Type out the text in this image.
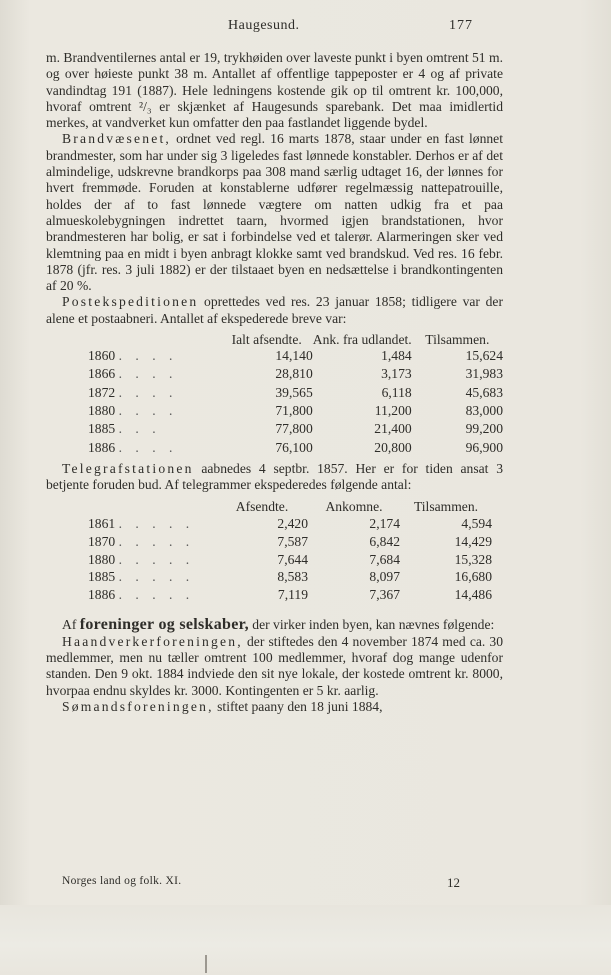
Haugesund.	177

m. Brandventilernes antal er 19, trykhøiden over laveste punkt i byen omtrent 51 m. og over høieste punkt 38 m. Antallet af offentlige tappeposter er 4 og af private vandindtag 191 (1887). Hele ledningens kostende gik op til omtrent kr. 100,000, hvoraf omtrent ²/₃ er skjænket af Haugesunds sparebank. Det maa imidlertid merkes, at vandverket kun omfatter den paa fastlandet liggende bydel.

Brandvæsenet, ordnet ved regl. 16 marts 1878, staar under en fast lønnet brandmester, som har under sig 3 ligeledes fast lønnede konstabler. Derhos er af det almindelige, udskrevne brandkorps paa 308 mand særlig udtaget 16, der lønnes for hvert fremmøde. Foruden at konstablerne udfører regelmæssig nattepatrouille, holdes der af to fast lønnede vægtere om natten udkig fra et paa almueskolebygningen indrettet taarn, hvormed igjen brandstationen, hvor brandmesteren har bolig, er sat i forbindelse ved et talerør. Alarmeringen sker ved klemtning paa en midt i byen anbragt klokke samt ved brandskud. Ved res. 16 febr. 1878 (jfr. res. 3 juli 1882) er der tilstaaet byen en nedsættelse i brandkontingenten af 20 %.

Postekspeditionen oprettedes ved res. 23 januar 1858; tidligere var der alene et postaabneri. Antallet af ekspederede breve var:

	Ialt afsendte.	Ank. fra udlandet.	Tilsammen.
1860 . . . .	14,140	1,484	15,624
1866 . . . .	28,810	3,173	31,983
1872 . . . .	39,565	6,118	45,683
1880 . . . .	71,800	11,200	83,000
1885 . . .	77,800	21,400	99,200
1886 . . . .	76,100	20,800	96,900

Telegrafstationen aabnedes 4 septbr. 1857. Her er for tiden ansat 3 betjente foruden bud. Af telegrammer ekspederedes følgende antal:

	Afsendte.	Ankomne.	Tilsammen.
1861 . . . . .	2,420	2,174	4,594
1870 . . . . .	7,587	6,842	14,429
1880 . . . . .	7,644	7,684	15,328
1885 . . . . .	8,583	8,097	16,680
1886 . . . . .	7,119	7,367	14,486

Af foreninger og selskaber, der virker inden byen, kan nævnes følgende:

Haandverkerforeningen, der stiftedes den 4 november 1874 med ca. 30 medlemmer, men nu tæller omtrent 100 medlemmer, hvoraf dog mange udenfor standen. Den 9 okt. 1884 indviede den sit nye lokale, der kostede omtrent kr. 8000, hvorpaa endnu skyldes kr. 3000. Kontingenten er 5 kr. aarlig.

Sømandsforeningen, stiftet paany den 18 juni 1884,

Norges land og folk. XI.	12
